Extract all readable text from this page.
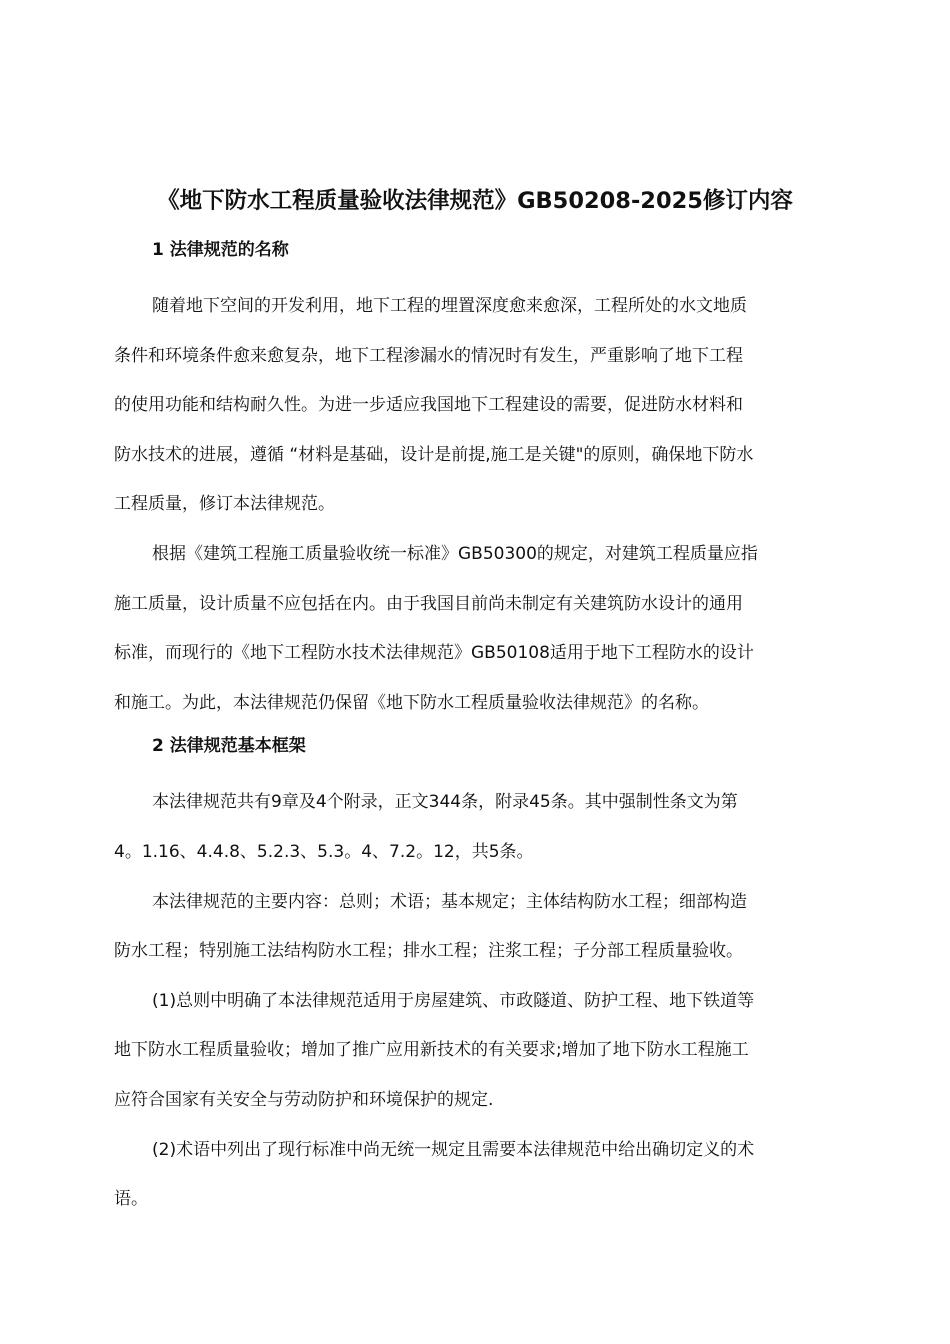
《地下防水工程质量验收法律规范》GB50208-2025修订内容
1 法律规范的名称

随着地下空间的开发利用，地下工程的埋置深度愈来愈深，工程所处的水文地质
条件和环境条件愈来愈复杂，地下工程渗漏水的情况时有发生，严重影响了地下工程
的使用功能和结构耐久性。为进一步适应我国地下工程建设的需要，促进防水材料和
防水技术的进展，遵循 “材料是基础，设计是前提,施工是关键"的原则，确保地下防水
工程质量，修订本法律规范。

根据《建筑工程施工质量验收统一标准》GB50300的规定，对建筑工程质量应指
施工质量，设计质量不应包括在内。由于我国目前尚未制定有关建筑防水设计的通用
标准，而现行的《地下工程防水技术法律规范》GB50108适用于地下工程防水的设计
和施工。为此，本法律规范仍保留《地下防水工程质量验收法律规范》的名称。

2 法律规范基本框架

本法律规范共有9章及4个附录，正文344条，附录45条。其中强制性条文为第
4。1.16、4.4.8、5.2.3、5.3。4、7.2。12，共5条。

本法律规范的主要内容：总则；术语；基本规定；主体结构防水工程；细部构造
防水工程；特别施工法结构防水工程；排水工程；注浆工程；子分部工程质量验收。

(1)总则中明确了本法律规范适用于房屋建筑、市政隧道、防护工程、地下铁道等
地下防水工程质量验收；增加了推广应用新技术的有关要求;增加了地下防水工程施工
应符合国家有关安全与劳动防护和环境保护的规定.

(2)术语中列出了现行标准中尚无统一规定且需要本法律规范中给出确切定义的术
语。
